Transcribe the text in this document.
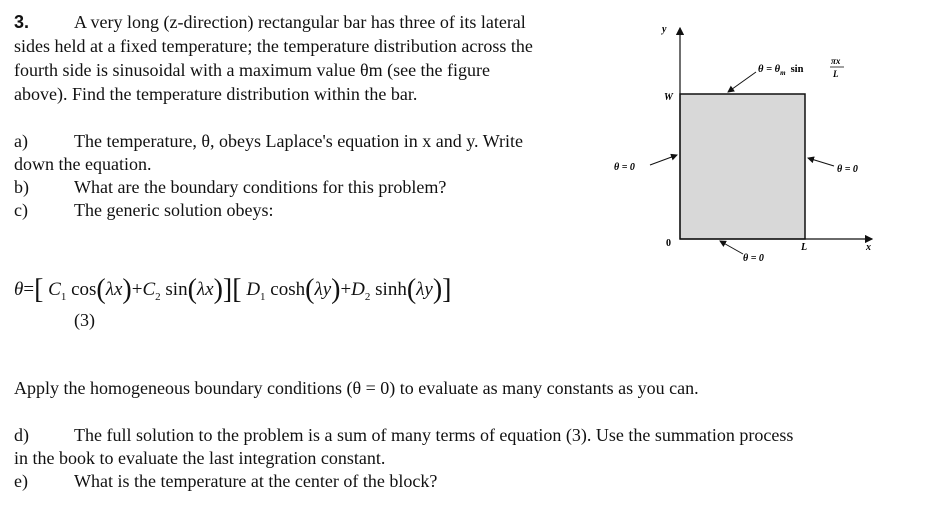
3. A very long (z-direction) rectangular bar has three of its lateral
sides held at a fixed temperature; the temperature distribution across the
fourth side is sinusoidal with a maximum value θm (see the figure
above). Find the temperature distribution within the bar.
a)	The temperature, θ, obeys Laplace's equation in x and y. Write
down the equation.
b)	What are the boundary conditions for this problem?
c)	The generic solution obeys:
θ=[ $C_1$ $\cos(\lambda x)+C_2$ sin(λx)][ $D_1$ $\cosh(\lambda y)+D_2$ sinh(λy)]
(3)
Apply the homogeneous boundary conditions (θ = 0) to evaluate as many constants as you can.
d)	The full solution to the problem is a sum of many terms of equation (3). Use the summation process
in the book to evaluate the last integration constant.
e)	What is the temperature at the center of the block?
y
x
0
W
L
$\theta = \theta_m$ sin
πx
L
θ = 0	θ = 0
θ = 0
